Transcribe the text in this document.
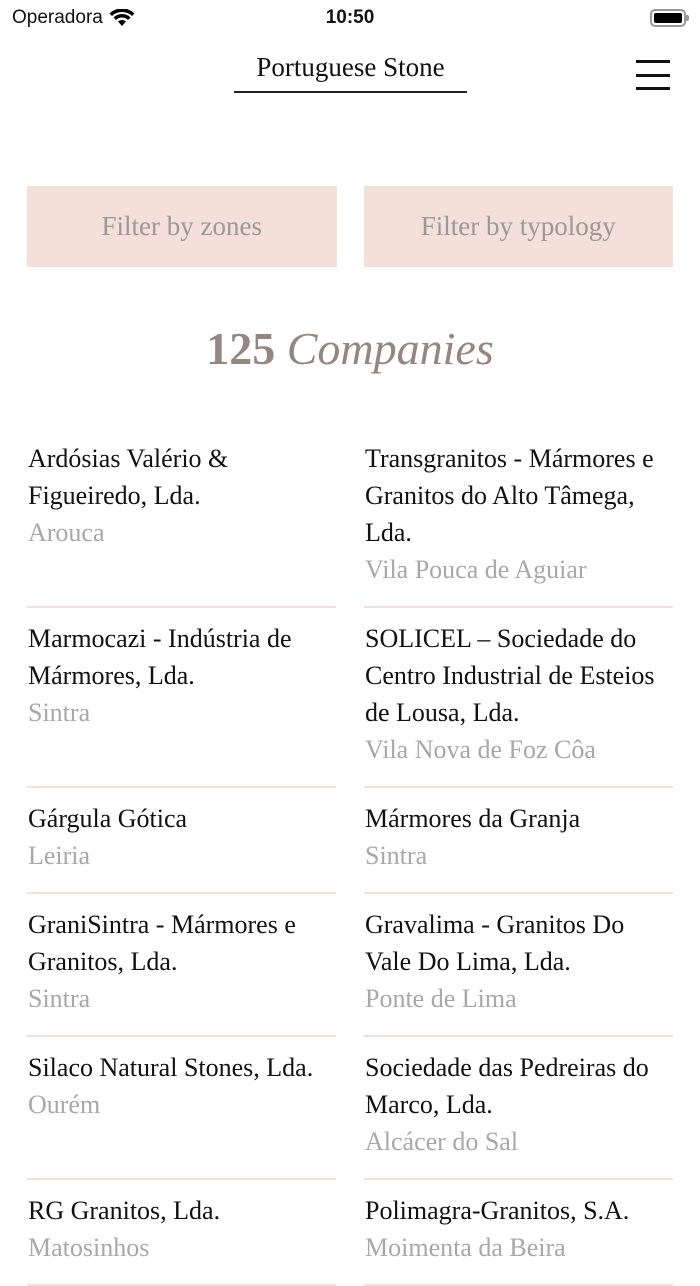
Operadora	10:50
Portuguese Stone
Filter by zones	Filter by typology
125 Companies
Ardósias Valério & Figueiredo, Lda.
Arouca
Transgranitos - Mármores e Granitos do Alto Tâmega, Lda.
Vila Pouca de Aguiar
Marmocazi - Indústria de Mármores, Lda.
Sintra
SOLICEL – Sociedade do Centro Industrial de Esteios de Lousa, Lda.
Vila Nova de Foz Côa
Gárgula Gótica
Leiria
Mármores da Granja
Sintra
GraniSintra - Mármores e Granitos, Lda.
Sintra
Gravalima - Granitos Do Vale Do Lima, Lda.
Ponte de Lima
Silaco Natural Stones, Lda.
Ourém
Sociedade das Pedreiras do Marco, Lda.
Alcácer do Sal
RG Granitos, Lda.
Matosinhos
Polimagra-Granitos, S.A.
Moimenta da Beira
